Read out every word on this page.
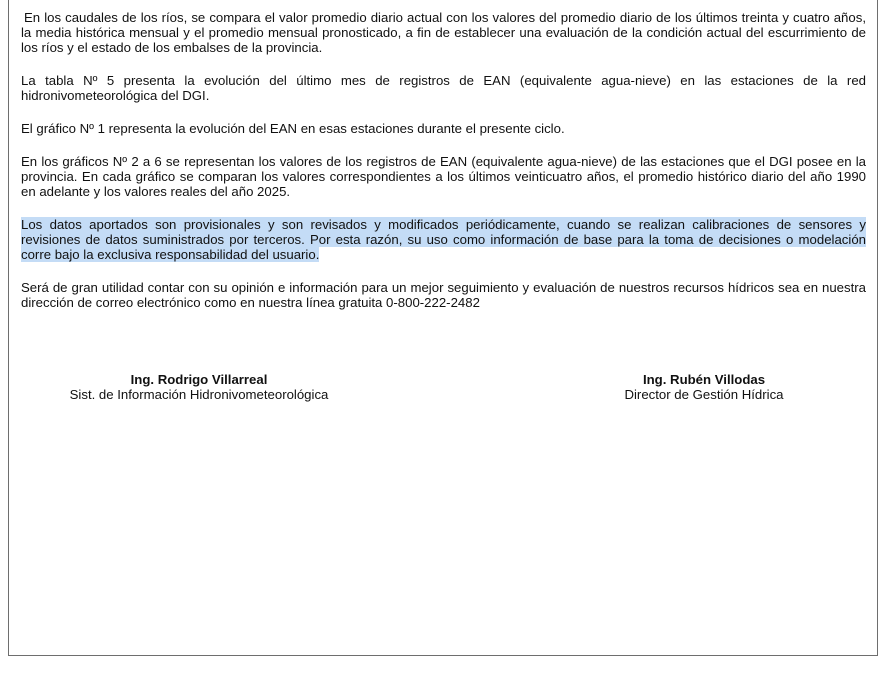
En los caudales de los ríos, se compara el valor promedio diario actual con los valores del promedio diario de los últimos treinta y cuatro años, la media histórica mensual y el promedio mensual pronosticado, a fin de establecer una evaluación de la condición actual del escurrimiento de los ríos y el estado de los embalses de la provincia.

La tabla Nº 5 presenta la evolución del último mes de registros de EAN (equivalente agua-nieve) en las estaciones de la red hidronivometeorológica del DGI.

El gráfico Nº 1 representa la evolución del EAN en esas estaciones durante el presente ciclo.

En los gráficos Nº 2 a 6 se representan los valores de los registros de EAN (equivalente agua-nieve) de las estaciones que el DGI posee en la provincia. En cada gráfico se comparan los valores correspondientes a los últimos veinticuatro años, el promedio histórico diario del año 1990 en adelante y los valores reales del año 2025.

Los datos aportados son provisionales y son revisados y modificados periódicamente, cuando se realizan calibraciones de sensores y revisiones de datos suministrados por terceros. Por esta razón, su uso como información de base para la toma de decisiones o modelación corre bajo la exclusiva responsabilidad del usuario.

Será de gran utilidad contar con su opinión e información para un mejor seguimiento y evaluación de nuestros recursos hídricos sea en nuestra dirección de correo electrónico como en nuestra línea gratuita 0-800-222-2482

Ing. Rodrigo Villarreal
Sist. de Información Hidronivometeorológica
Ing. Rubén Villodas
Director de Gestión Hídrica
